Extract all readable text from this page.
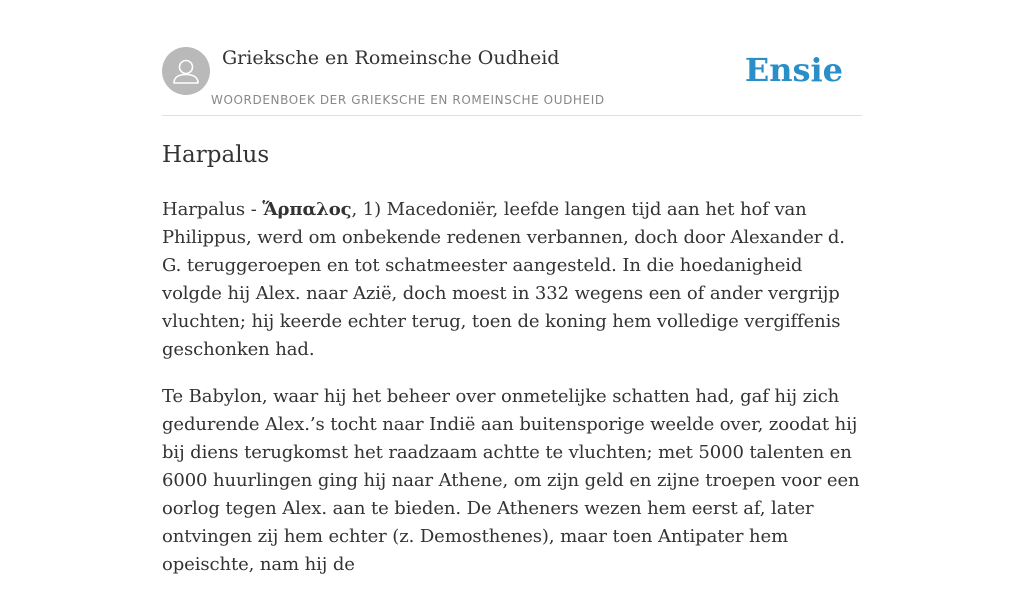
Grieksche en Romeinsche Oudheid
WOORDENBOEK DER GRIEKSCHE EN ROMEINSCHE OUDHEID
Ensie
Harpalus

Harpalus - Ἅρπαλος, 1) Macedoniër, leefde langen tijd aan het hof van Philippus, werd om onbekende redenen verbannen, doch door Alexander d. G. teruggeroepen en tot schatmeester aangesteld. In die hoedanigheid volgde hij Alex. naar Azië, doch moest in 332 wegens een of ander vergrijp vluchten; hij keerde echter terug, toen de koning hem volledige vergiffenis geschonken had.

Te Babylon, waar hij het beheer over onmetelijke schatten had, gaf hij zich gedurende Alex.’s tocht naar Indië aan buitensporige weelde over, zoodat hij bij diens terugkomst het raadzaam achtte te vluchten; met 5000 talenten en 6000 huurlingen ging hij naar Athene, om zijn geld en zijne troepen voor een oorlog tegen Alex. aan te bieden. De Atheners wezen hem eerst af, later ontvingen zij hem echter (z. Demosthenes), maar toen Antipater hem opeischte, nam hij de
